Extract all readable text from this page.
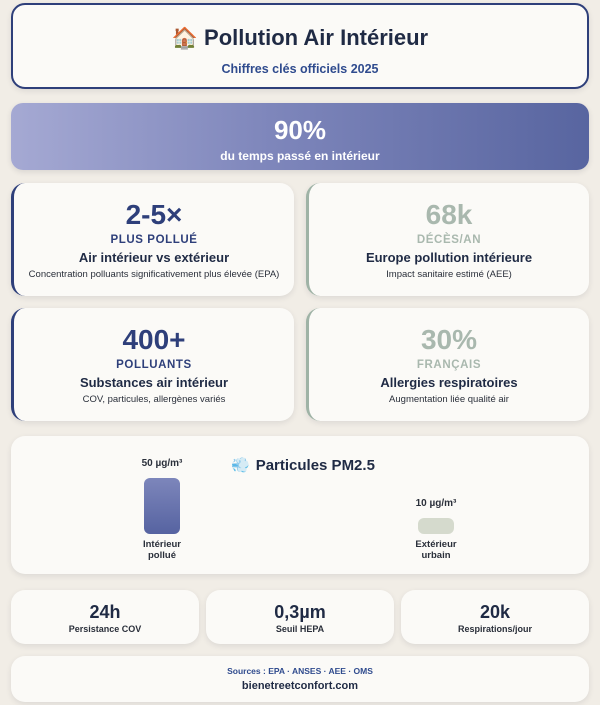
🏠 Pollution Air Intérieur
Chiffres clés officiels 2025
90%
du temps passé en intérieur
2-5×
PLUS POLLUÉ
Air intérieur vs extérieur
Concentration polluants significativement plus élevée (EPA)
68k
DÉCÈS/AN
Europe pollution intérieure
Impact sanitaire estimé (AEE)
400+
POLLUANTS
Substances air intérieur
COV, particules, allergènes variés
30%
FRANÇAIS
Allergies respiratoires
Augmentation liée qualité air
💨 Particules PM2.5
50 µg/m³
Intérieur
pollué
10 µg/m³
Extérieur
urbain
24h
Persistance COV
0,3µm
Seuil HEPA
20k
Respirations/jour
Sources : EPA · ANSES · AEE · OMS
bienetreetconfort.com
